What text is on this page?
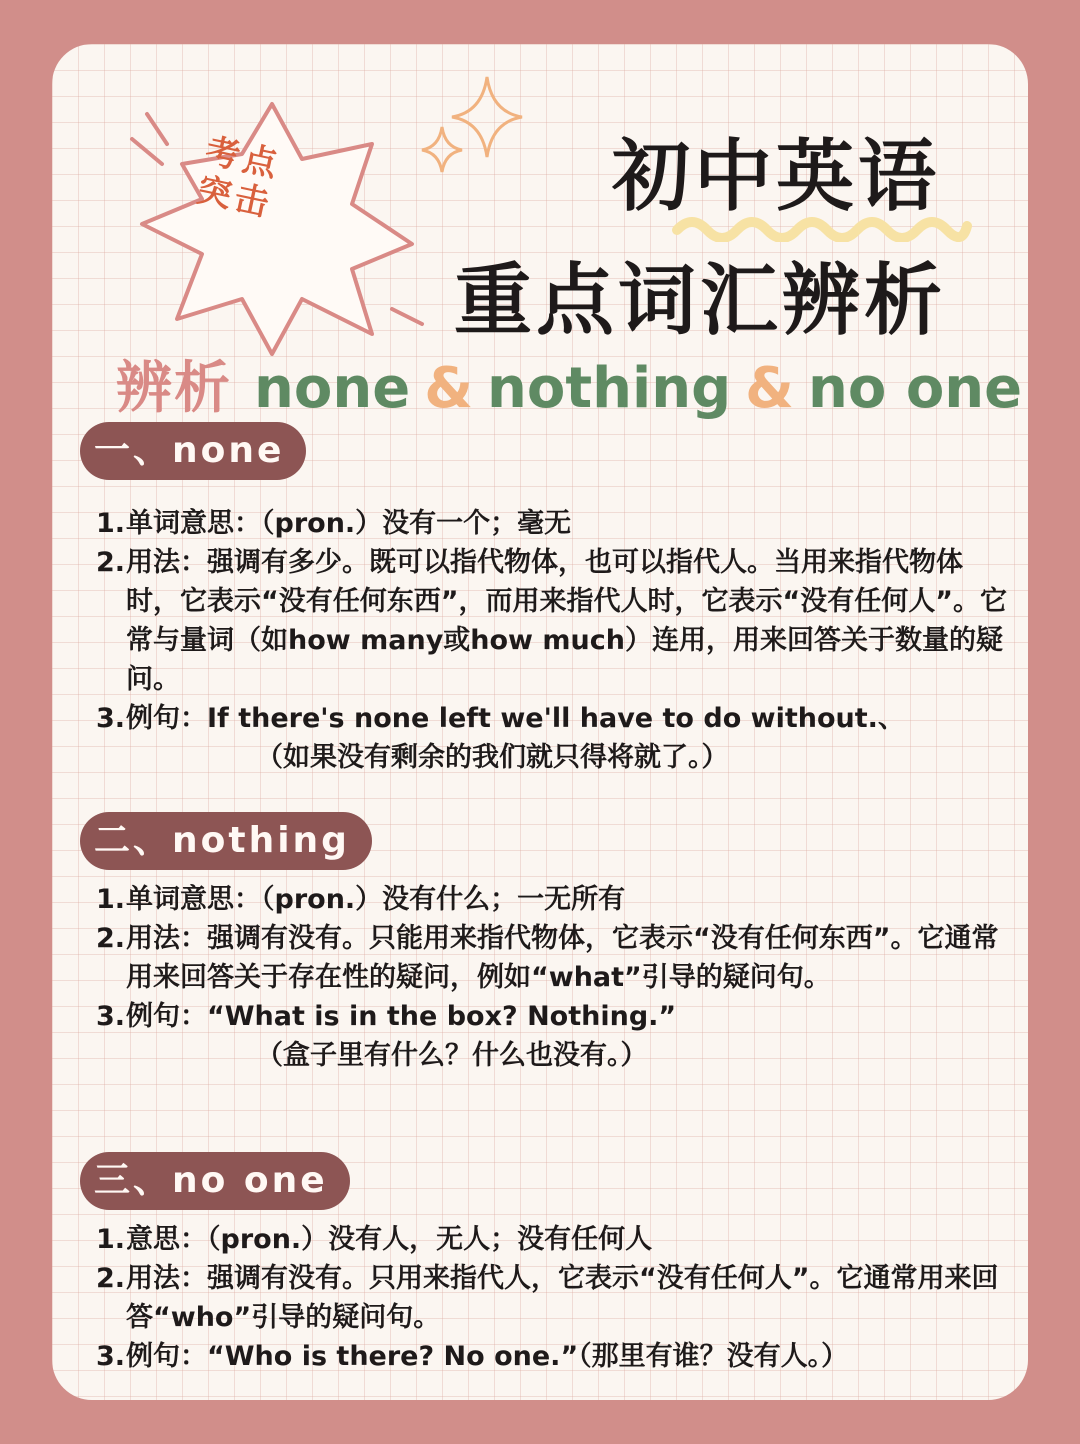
考点
突击	初中英语
重点词汇辨析
辨析 none & nothing & no one
一、none
1. 单词意思：（pron.）没有一个；毫无
2. 用法：强调有多少。既可以指代物体，也可以指代人。当用来指代物体时，它表示“没有任何东西”，而用来指代人时，它表示“没有任何人”。它常与量词（如how many或how much）连用，用来回答关于数量的疑问。
3. 例句：If there's none left we'll have to do without.、
（如果没有剩余的我们就只得将就了。）
二、nothing
1. 单词意思：（pron.）没有什么；一无所有
2. 用法：强调有没有。只能用来指代物体，它表示“没有任何东西”。它通常用来回答关于存在性的疑问，例如“what”引导的疑问句。
3. 例句：“What is in the box? Nothing.”
（盒子里有什么？什么也没有。）
三、no one
1. 意思：（pron.）没有人，无人；没有任何人
2. 用法：强调有没有。只用来指代人，它表示“没有任何人”。它通常用来回答“who”引导的疑问句。
3. 例句：“Who is there? No one.”（那里有谁？没有人。）
